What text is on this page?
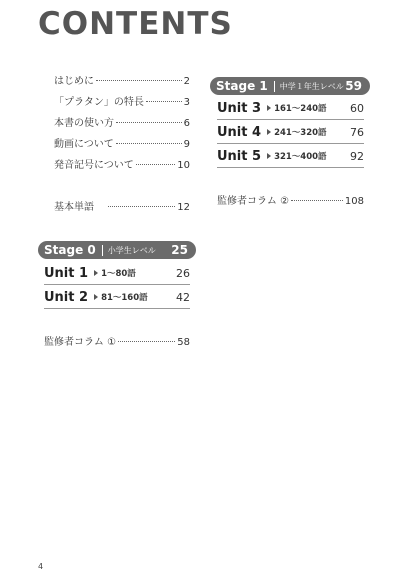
CONTENTS
はじめに	2
「プラタン」の特長	3
本書の使い方	6
動画について	9
発音記号について	10
基本単語	12
Stage 0 小学生レベル 25
Unit 1 1〜80語	26
Unit 2 81〜160語	42
監修者コラム ①	58
Stage 1 中学１年生レベル 59
Unit 3 161〜240語 60
Unit 4 241〜320語 76
Unit 5 321〜400語 92
監修者コラム ②	108
4
